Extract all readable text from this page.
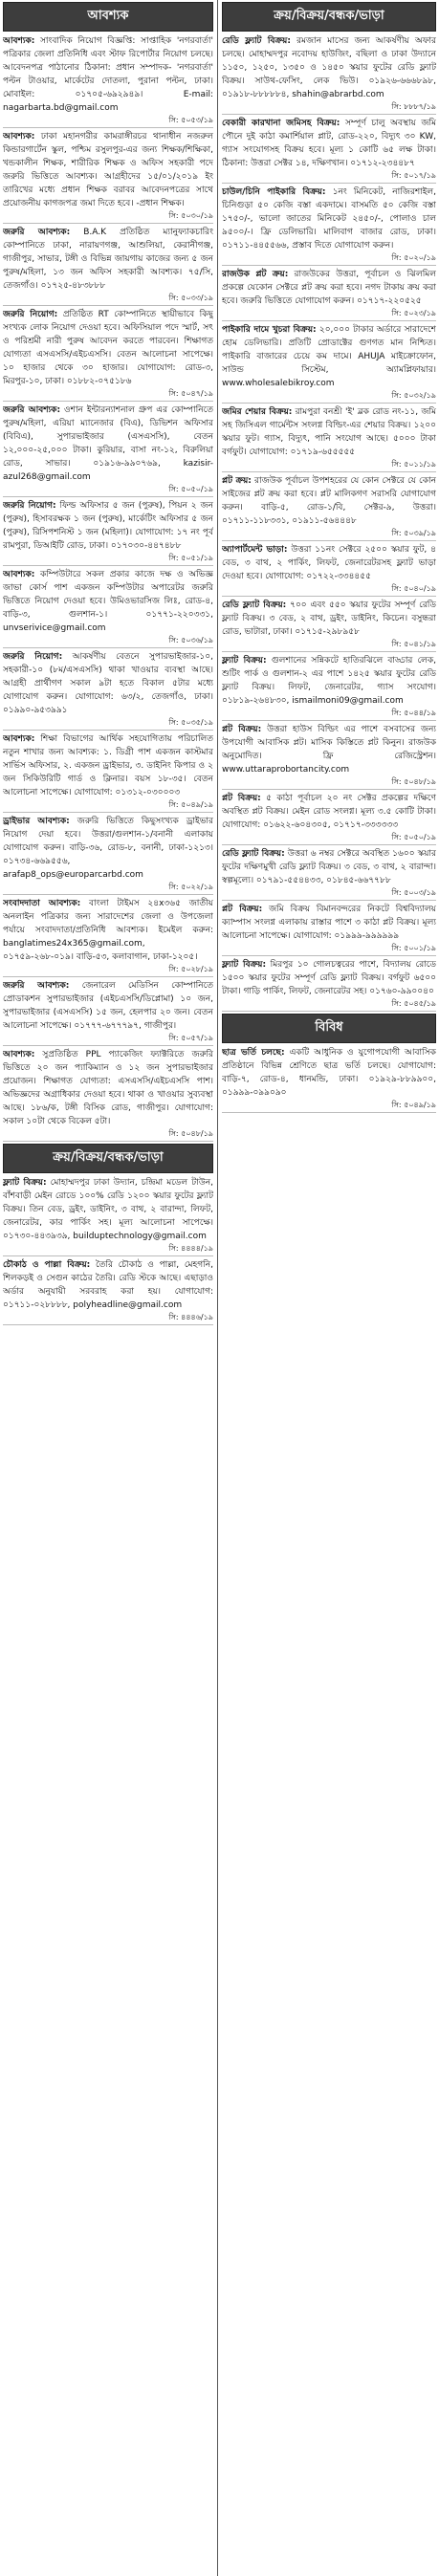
আবশ্যক
আবশ্যক: সাংবাদিক নিয়োগ বিজ্ঞপ্তি: সাপ্তাহিক 'নগরবার্তা' পত্রিকার জেলা প্রতিনিধি এবং স্টাফ রিপোর্টার নিয়োগ চলছে। আবেদনপত্র পাঠানোর ঠিকানা: প্রধান সম্পাদক- 'নগরবার্তা' পল্টন টাওয়ার, মার্কেটের দোতলা, পুরানা পল্টন, ঢাকা। মোবাইল: ০১৭০৫-৬৯২৯৪৯। E-mail: nagarbarta.bd@gmail.com
সি: ৫০৫৩/১৯
আবশ্যক: ঢাকা মহানগরীর কামরাঙ্গীরচর থানাধীন নজরুল কিন্ডারগার্টেন স্কুল, পশ্চিম রসুলপুর-এর জন্য শিক্ষক/শিক্ষিকা, খন্ডকালীন শিক্ষক, শারীরিক শিক্ষক ও অফিস সহকারী পদে জরুরি ভিত্তিতে আবশ্যক। আগ্রহীদের ১৫/০১/২০১৯ ইং তারিখের মধ্যে প্রধান শিক্ষক বরাবর আবেদনপত্রের সাথে প্রয়োজনীয় কাগজপত্র জমা দিতে হবে। -প্রধান শিক্ষক।
সি: ৫০৩০/১৯
জরুরি আবশ্যক: B.A.K প্রতিষ্ঠিত ম্যানুফ্যাকচারিং কোম্পানিতে ঢাকা, নারায়ণগঞ্জ, আশুলিয়া, কেরানীগঞ্জ, গাজীপুর, সাভার, টঙ্গী ও বিভিন্ন জায়গায় কাজের জন্য ৫ জন পুরুষ/মহিলা, ১৩ জন অফিস সহকারী আবশ্যক। ৭৫/সি, তেজগাঁও। ০১৭২৫-৪৮৩৮৮৮
সি: ৫০৩৩/১৯
জরুরি নিয়োগ: প্রতিষ্ঠিত RT কোম্পানিতে স্থায়ীভাবে কিছু সংখ্যক লোক নিয়োগ দেওয়া হবে। অফিসিয়াল পদে স্মার্ট, সৎ ও পরিশ্রমী নারী পুরুষ আবেদন করতে পারবেন। শিক্ষাগত যোগ্যতা এসএসসি/এইচএসসি। বেতন আলোচনা সাপেক্ষে। ১০ হাজার থেকে ৩০ হাজার। যোগাযোগ: রোড-৩, মিরপুর-১০, ঢাকা। ০১৮৮২-০৭৫১৮৬
সি: ৫০৪৭/১৯
জরুরি আবশ্যক: ওশান ইন্টারন্যাশনাল গ্রুপ এর কোম্পানিতে পুরুষ/মহিলা, এরিয়া ম্যানেজার (বিএ), ডিভিশন অফিসার (বিবিএ), সুপারভাইজার (এসএসসি), বেতন ১২,০০০-২৫,০০০ টাকা। কুরিয়ার, বাসা নং-১২, বিরুলিয়া রোড, সাভার। ০১৯১৬-৯৯০৭৬৯, kazisir-azul268@gmail.com
সি: ৫০৫০/১৯
জরুরি নিয়োগ: ফিল্ড অফিসার ৫ জন (পুরুষ), পিয়ন ২ জন (পুরুষ), হিসাবরক্ষক ১ জন (পুরুষ), মার্কেটিং অফিসার ৫ জন (পুরুষ), রিসিপশনিস্ট ১ জন (মহিলা)। যোগাযোগ: ১৭ নং পূর্ব রামপুরা, ডিআইটি রোড, ঢাকা। ০১৭০৩০-৪৪৭৪৮৮
সি: ৫০৫১/১৯
আবশ্যক: কম্পিউটারে সকল প্রকার কাজে দক্ষ ও অভিজ্ঞ জাভা কোর্স পাশ একজন কম্পিউটার অপারেটর জরুরি ভিত্তিতে নিয়োগ দেওয়া হবে। উমিওভারসিজ লিঃ, রোড-৪, বাড়ি-৩, গুলশান-১। ০১৭৭১-২২০৩৩১, unvserivice@gmail.com
সি: ৫০৩৬/১৯
জরুরি নিয়োগ: আকর্ষণীয় বেতনে সুপারভাইজার-১০, সহকারী-১০ (৮ম/এসএসসি) থাকা খাওয়ার ব্যবস্থা আছে। আগ্রহী প্রার্থীগণ সকাল ৯টা হতে বিকাল ৫টার মধ্যে যোগাযোগ করুন। যোগাযোগ: ৬৩/২, তেজগাঁও, ঢাকা। ০১৯৯০-৯৫৩৯৯১
সি: ৫০৩৫/১৯
আবশ্যক: শিক্ষা বিভাগের আর্থিক সহযোগিতায় পরিচালিত নতুন শাখার জন্য আবশ্যক: ১. ডিগ্রী পাশ একজন কাস্টমার সার্ভিস অফিসার, ২. একজন ড্রাইভার, ৩. ডাইনিং কিপার ও ২ জন সিকিউরিটি গার্ড ও ক্লিনার। বয়স ১৮-৩৫। বেতন আলোচনা সাপেক্ষে। যোগাযোগ: ০১৩১২-০৩০০০৩
সি: ৫০৪৯/১৯
ড্রাইভার আবশ্যক: জরুরি ভিত্তিতে কিছুসংখ্যক ড্রাইভার নিয়োগ দেয়া হবে। উত্তরা/গুলশান-১/বনানী এলাকায় যোগাযোগ করুন। বাড়ি-৩৬, রোড-৮, বনানী, ঢাকা-১২১৩। ০১৭৩৪-৬৬৯৫৫৬, arafap8_ops@europarcarbd.com
সি: ৫০২২/১৯
সংবাদদাতা আবশ্যক: বাংলা টাইমস ২৪x৩৬৫ জাতীয় অনলাইন পত্রিকার জন্য সারাদেশের জেলা ও উপজেলা পর্যায়ে সংবাদদাতা/প্রতিনিধি আবশ্যক। ইমেইল করুন: banglatimes24x365@gmail.com, ০১৭৫৯-২৬৮-০১৯। বাড়ি-৫৩, কলাবাগান, ঢাকা-১২০৫।
সি: ৫০২৮/১৯
জরুরি আবশ্যক: জেনারেল মেডিসিন কোম্পানিতে প্রোডাকশন সুপারভাইজার (এইচএসসি/ডিপ্লোমা) ১০ জন, সুপারভাইজার (এসএসসি) ১৫ জন, হেলপার ২০ জন। বেতন আলোচনা সাপেক্ষে। ০১৭৭৭-৬৭৭৭৯৭, গাজীপুর।
সি: ৫০৫৭/১৯
আবশ্যক: সুপ্রতিষ্ঠিত PPL প্যাকেজিং ফ্যাক্টরিতে জরুরি ভিত্তিতে ২০ জন প্যাকিম্যান ও ১২ জন সুপারভাইজার প্রয়োজন। শিক্ষাগত যোগ্যতা: এসএসসি/এইচএসসি পাশ। অভিজ্ঞদের অগ্রাধিকার দেওয়া হবে। থাকা ও খাওয়ার সুব্যবস্থা আছে। ১৮৬/ক, টঙ্গী বিসিক রোড, গাজীপুর। যোগাযোগ: সকাল ১০টা থেকে বিকেল ৫টা।
সি: ৫০৪৮/১৯
ক্রয়/বিক্রয়/বন্ধক/ভাড়া
ফ্ল্যাট বিক্রয়: মোহাম্মদপুর ঢাকা উদ্যান, চন্দ্রিমা মডেল টাউন, বাঁশবাড়ী মেইন রোডে ১০০% রেডি ১২০০ স্কয়ার ফুটের ফ্ল্যাট বিক্রয়। তিন বেড, ড্রইং, ডাইনিং, ৩ বাথ, ২ বারান্দা, লিফট, জেনারেটর, কার পার্কিং সহ। মূল্য আলোচনা সাপেক্ষে। ০১৭৩০-৪৪৩৯৩৯, builduptechnology@gmail.com
সি: ৪৪৪৪/১৯
চৌকাঠ ও পাল্লা বিক্রয়: তৈরি চৌকাঠ ও পাল্লা, মেহগনি, শিলকড়ই ও সেগুন কাঠের তৈরি। রেডি স্টকে আছে। এছাড়াও অর্ডার অনুযায়ী সরবরাহ করা হয়। যোগাযোগ: ০১৭১১-০২৮৮৮৮, polyheadline@gmail.com
সি: ৪৪৪৬/১৯
ক্রয়/বিক্রয়/বন্ধক/ভাড়া
রেডি ফ্ল্যাট বিক্রয়: রমজান মাসের জন্য আকর্ষণীয় অফার চলছে। মোহাম্মদপুর নবোদয় হাউজিং, বছিলা ও ঢাকা উদ্যানে ১১৫০, ১২৫০, ১৩৫০ ও ১৪৫০ স্কয়ার ফুটের রেডি ফ্ল্যাট বিক্রয়। সাউথ-ফেসিং, লেক ভিউ। ০১৯২৬-৬৬৬৮৯৮, ০১৯১৮-৮৮৮৮৮৪, shahin@abrarbd.com
সি: ৮৮৮৭/১৯
বেকারী কারখানা জমিসহ বিক্রয়: সম্পূর্ণ চালু অবস্থায় জমি পৌনে দুই কাঠা কমার্শিয়াল প্লাট, রোড-২২০, বিদ্যুৎ ৩০ KW, গ্যাস সংযোগসহ বিক্রয় হবে। মূল্য ১ কোটি ৬৫ লক্ষ টাকা। ঠিকানা: উত্তরা সেক্টর ১৪, দক্ষিণখান। ০১৭১২-২৩৪৪৮৭
সি: ৫০১৭/১৯
চাউল/চিনি পাইকারি বিক্রয়: ১নং মিনিকেট, নাজিরশাইল, চিনিগুড়া ৫০ কেজি বস্তা একদামে। বাসমতি ৫০ কেজি বস্তা ১৭৫০/-, ভালো জাতের মিনিকেট ২৪৫০/-, পোলাও চাল ৯৫০০/-। ফ্রি ডেলিভারি। মালিবাগ বাজার রোড, ঢাকা। ০১৭১১-৪৪৫৫৬৬, প্রস্তাব দিতে যোগাযোগ করুন।
সি: ৫০২০/১৯
রাজউক প্লট ক্রয়: রাজউকের উত্তরা, পূর্বাচল ও ঝিলমিল প্রকল্পে যেকোন সেক্টরে প্লট ক্রয় করা হবে। নগদ টাকায় ক্রয় করা হবে। জরুরি ভিত্তিতে যোগাযোগ করুন। ০১৭১৭-২২০৫২৫
সি: ৫০২৩/১৯
পাইকারি দামে খুচরা বিক্রয়: ২০,০০০ টাকার অর্ডারে সারাদেশে হোম ডেলিভারি। প্রতিটি প্রোডাক্টের গুণগত মান নিশ্চিত। পাইকারি বাজারের চেয়ে কম দামে। AHUJA মাইক্রোফোন, সাউন্ড সিস্টেম, অ্যামপ্লিফায়ার। www.wholesalebikroy.com
সি: ৫০৩২/১৯
জমির শেয়ার বিক্রয়: রামপুরা বনশ্রী 'ই' ব্লক রোড নং-১১, জমি সহ জিসিএল গার্মেন্টস সংলগ্ন বিল্ডিং-এর শেয়ার বিক্রয়। ১২০০ স্কয়ার ফুট। গ্যাস, বিদ্যুৎ, পানি সংযোগ আছে। ৫০০০ টাকা বর্গফুট। যোগাযোগ: ০১৭১৯-৬৫৫৫৫৫
সি: ৫০১১/১৯
প্লট ক্রয়: রাজউক পূর্বাচল উপশহরের যে কোন সেক্টরে যে কোন সাইজের প্লট ক্রয় করা হবে। প্লট মালিকগণ সরাসরি যোগাযোগ করুন। বাড়ি-৫, রোড-১/বি, সেক্টর-৯, উত্তরা। ০১৭১১-১১৮৩৩১, ০১৯১১-৫৬৪৪৪৮
সি: ৫০৩৯/১৯
অ্যাপার্টমেন্ট ভাড়া: উত্তরা ১১নং সেক্টরে ২৫০০ স্কয়ার ফুট, ৪ বেড, ৩ বাথ, ২ পার্কিং, লিফট, জেনারেটরসহ ফ্ল্যাট ভাড়া দেওয়া হবে। যোগাযোগ: ০১৭২২-৩৩৪৪৫৫
সি: ৫০৪০/১৯
রেডি ফ্ল্যাট বিক্রয়: ৭০০ এবং ৫৫০ স্কয়ার ফুটের সম্পূর্ণ রেডি ফ্ল্যাট বিক্রয়। ৩ বেড, ২ বাথ, ড্রইং, ডাইনিং, কিচেন। বসুন্ধরা রোড, ভাটারা, ঢাকা। ০১৭১৫-২৯৮৯৫৮
সি: ৫০৪১/১৯
ফ্ল্যাট বিক্রয়: গুলশানের সন্নিকটে হাতিরঝিলে বাড্ডার লেক, শুটিং পার্ক ও গুলশান-২ এর পাশে ১৪২৫ স্কয়ার ফুটের রেডি ফ্ল্যাট বিক্রয়। লিফট, জেনারেটর, গ্যাস সংযোগ। ০১৮১৯-২৬৪৮৩০, ismailmoni09@gmail.com
সি: ৫০৪৪/১৯
প্লট বিক্রয়: উত্তরা হাউস বিল্ডিং এর পাশে বসবাসের জন্য উপযোগী আবাসিক প্লট। মাসিক কিস্তিতে প্লট কিনুন। রাজউক অনুমোদিত। ফ্রি রেজিস্ট্রেশন। www.uttaraprobortancity.com
সি: ৫০৪৮/১৯
প্লট বিক্রয়: ৫ কাঠা পূর্বাচল ২০ নং সেক্টর প্রকল্পের দক্ষিণে অবস্থিত প্লট বিক্রয়। মেইন রোড সংলগ্ন। মূল্য ৩.৫ কোটি টাকা। যোগাযোগ: ০১৬২২-৬০৪৩০৫, ০১৭১৭-৩৩৩৩৩৩
সি: ৫০৫০/১৯
রেডি ফ্ল্যাট বিক্রয়: উত্তরা ৬ নম্বর সেক্টরে অবস্থিত ১৬০০ স্কয়ার ফুটের দক্ষিণমুখী রেডি ফ্ল্যাট বিক্রয়। ৩ বেড, ৩ বাথ, ২ বারান্দা। স্বল্পমূল্যে। ০১৭৯১-৫৫৪৪৩৩, ০১৮৪৫-৬৬৭৭৮৮
সি: ৫০০৩/১৯
প্লট বিক্রয়: জমি বিক্রয় বিমানবন্দরের নিকটে বিশ্ববিদ্যালয় ক্যাম্পাস সংলগ্ন এলাকায় রাস্তার পাশে ৩ কাঠা প্লট বিক্রয়। মূল্য আলোচনা সাপেক্ষে। যোগাযোগ: ০১৯৯৯-৯৯৯৯৯৯
সি: ৫০০১/১৯
ফ্ল্যাট বিক্রয়: মিরপুর ১০ গোলচত্বরের পাশে, বিদ্যালয় রোডে ১৫০০ স্কয়ার ফুটের সম্পূর্ণ রেডি ফ্ল্যাট বিক্রয়। বর্গফুট ৬৫০০ টাকা। গাড়ি পার্কিং, লিফট, জেনারেটর সহ। ০১৭৬০-৯৯০০৪০
সি: ৫০৪৫/১৯
বিবিধ
ছাত্র ভর্তি চলছে: একটি আধুনিক ও যুগোপযোগী আবাসিক প্রতিষ্ঠানে বিভিন্ন শ্রেণিতে ছাত্র ভর্তি চলছে। যোগাযোগ: বাড়ি-৭, রোড-৪, ধানমন্ডি, ঢাকা। ০১৯২৯-৮৮৯৯০০, ০১৯৯৯-০৯৯০৯০
সি: ৫০৪৯/১৯
